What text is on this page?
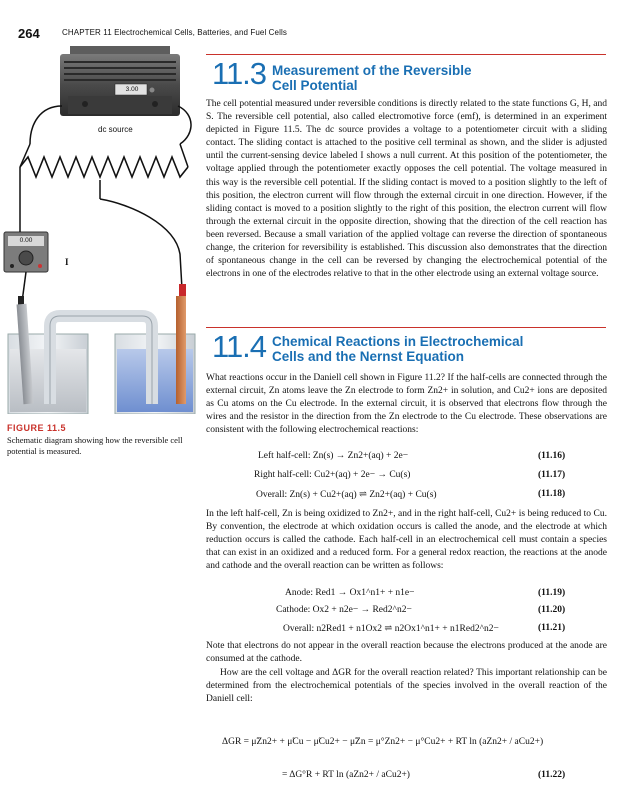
264	CHAPTER 11 Electrochemical Cells, Batteries, and Fuel Cells
3.00
dc source
0.00
I
FIGURE 11.5
Schematic diagram showing how the reversible cell potential is measured.
11.3 Measurement of the Reversible
Cell Potential
The cell potential measured under reversible conditions is directly related to the state functions G, H, and S. The reversible cell potential, also called electromotive force (emf), is determined in an experiment depicted in Figure 11.5. The dc source provides a voltage to a potentiometer circuit with a sliding contact. The sliding contact is attached to the positive cell terminal as shown, and the slider is adjusted until the current-sensing device labeled I shows a null current. At this position of the potentiometer, the voltage applied through the potentiometer exactly opposes the cell potential. The voltage measured in this way is the reversible cell potential. If the sliding contact is moved to a position slightly to the left of this position, the electron current will flow through the external circuit in one direction. However, if the sliding contact is moved to a position slightly to the right of this position, the electron current will flow through the external circuit in the opposite direction, showing that the direction of the cell reaction has been reversed. Because a small variation of the applied voltage can reverse the direction of spontaneous change, the criterion for reversibility is established. This discussion also demonstrates that the direction of spontaneous change in the cell can be reversed by changing the electrochemical potential of the electrons in one of the electrodes relative to that in the other electrode using an external voltage source.
11.4 Chemical Reactions in Electrochemical
Cells and the Nernst Equation
What reactions occur in the Daniell cell shown in Figure 11.2? If the half-cells are connected through the external circuit, Zn atoms leave the Zn electrode to form Zn2+ in solution, and Cu2+ ions are deposited as Cu atoms on the Cu electrode. In the external circuit, it is observed that electrons flow through the wires and the resistor in the direction from the Zn electrode to the Cu electrode. These observations are consistent with the following electrochemical reactions:
Left half-cell: Zn(s) → Zn2+(aq) + 2e−	(11.16)
Right half-cell: Cu2+(aq) + 2e− → Cu(s)	(11.17)
Overall: Zn(s) + Cu2+(aq) ⇌ Zn2+(aq) + Cu(s)	(11.18)
In the left half-cell, Zn is being oxidized to Zn2+, and in the right half-cell, Cu2+ is being reduced to Cu. By convention, the electrode at which oxidation occurs is called the anode, and the electrode at which reduction occurs is called the cathode. Each half-cell in an electrochemical cell must contain a species that can exist in an oxidized and a reduced form. For a general redox reaction, the reactions at the anode and cathode and the overall reaction can be written as follows:
Anode: Red1 → Ox1^n1+ + n1e−	(11.19)
Cathode: Ox2 + n2e− → Red2^n2−	(11.20)
Overall: n2Red1 + n1Ox2 ⇌ n2Ox1^n1+ + n1Red2^n2−	(11.21)
Note that electrons do not appear in the overall reaction because the electrons produced at the anode are consumed at the cathode.
How are the cell voltage and ΔGR for the overall reaction related? This important relationship can be determined from the electrochemical potentials of the species involved in the overall reaction of the Daniell cell:
ΔGR = μ̃Zn2+ + μ̃Cu − μ̃Cu2+ − μ̃Zn = μ°Zn2+ − μ°Cu2+ + RT ln (aZn2+ / aCu2+)
= ΔG°R + RT ln (aZn2+ / aCu2+)	(11.22)
